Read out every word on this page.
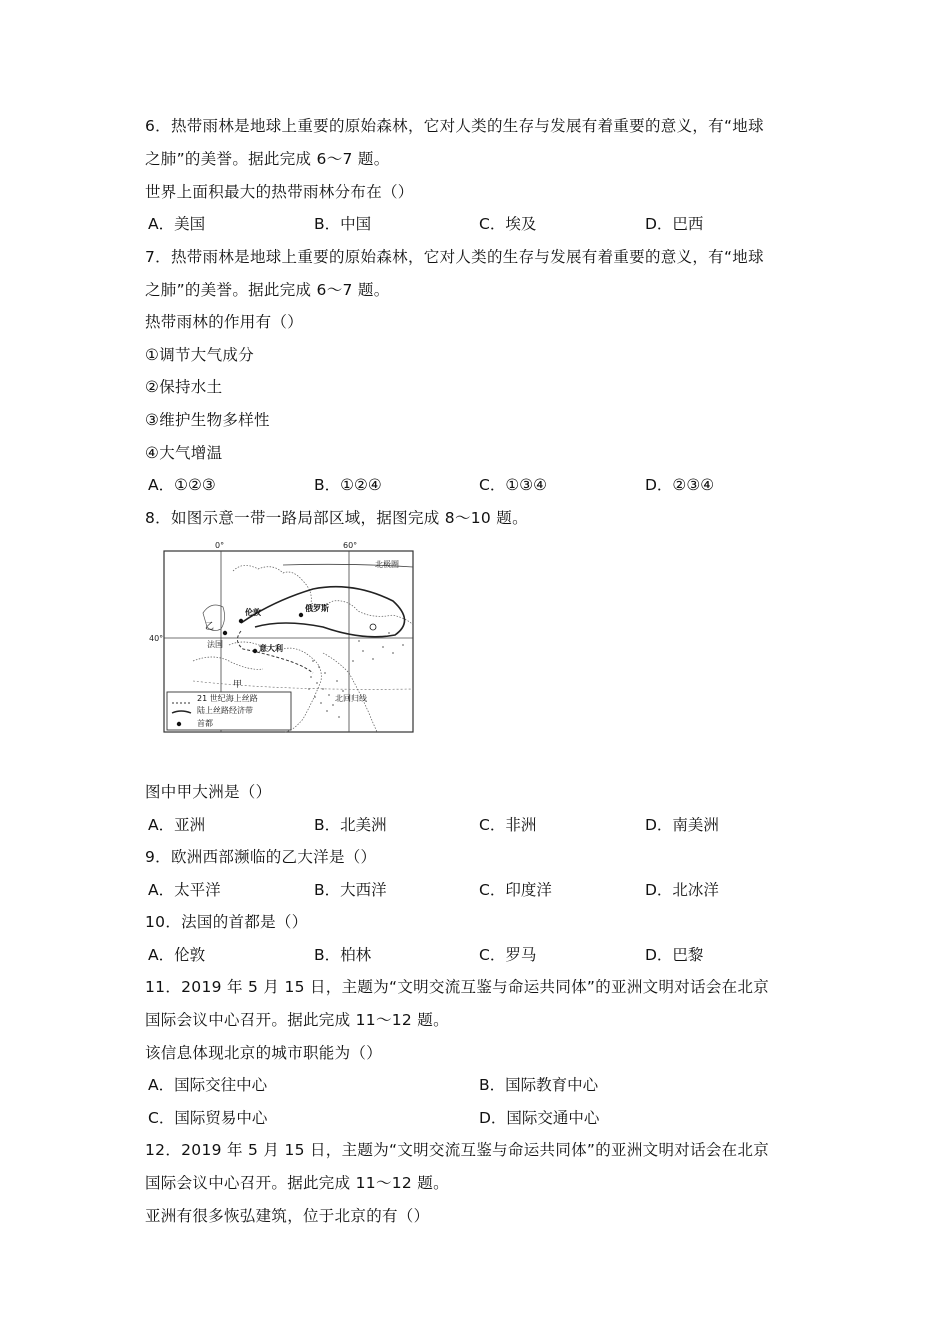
6．热带雨林是地球上重要的原始森林，它对人类的生存与发展有着重要的意义，有“地球
之肺”的美誉。据此完成 6～7 题。
世界上面积最大的热带雨林分布在（）
A．美国	B．中国	C．埃及	D．巴西
7．热带雨林是地球上重要的原始森林，它对人类的生存与发展有着重要的意义，有“地球
之肺”的美誉。据此完成 6～7 题。
热带雨林的作用有（）
①调节大气成分
②保持水土
③维护生物多样性
④大气增温
A．①②③	B．①②④	C．①③④	D．②③④
8．如图示意一带一路局部区域，据图完成 8～10 题。
0°	60°
40°
北极圈
北回归线
伦敦	俄罗斯
乙
法国	意大利
甲
21 世纪海上丝路
陆上丝路经济带
首都
图中甲大洲是（）
A．亚洲	B．北美洲	C．非洲	D．南美洲
9．欧洲西部濒临的乙大洋是（）
A．太平洋	B．大西洋	C．印度洋	D．北冰洋
10．法国的首都是（）
A．伦敦	B．柏林	C．罗马	D．巴黎
11．2019 年 5 月 15 日，主题为“文明交流互鉴与命运共同体”的亚洲文明对话会在北京
国际会议中心召开。据此完成 11～12 题。
该信息体现北京的城市职能为（）
A．国际交往中心	B．国际教育中心
C．国际贸易中心	D．国际交通中心
12．2019 年 5 月 15 日，主题为“文明交流互鉴与命运共同体”的亚洲文明对话会在北京
国际会议中心召开。据此完成 11～12 题。
亚洲有很多恢弘建筑，位于北京的有（）
